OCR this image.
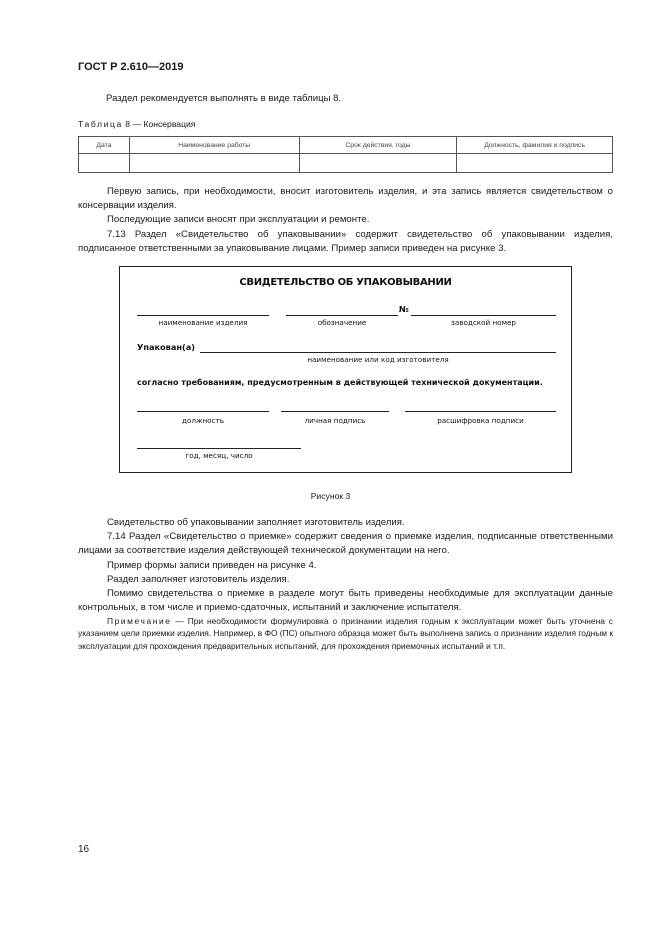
ГОСТ Р 2.610—2019

Раздел рекомендуется выполнять в виде таблицы 8.

Таблица 8 — Консервация
Дата	Наименование работы	Срок действия, годы	Должность, фамилия и подпись

Первую запись, при необходимости, вносит изготовитель изделия, и эта запись является свидетельством о консервации изделия.

Последующие записи вносят при эксплуатации и ремонте.

7.13 Раздел «Свидетельство об упаковывании» содержит свидетельство об упаковывании изделия, подписанное ответственными за упаковывание лицами. Пример записи приведен на рисунке 3.

СВИДЕТЕЛЬСТВО ОБ УПАКОВЫВАНИИ
№
наименование изделия	обозначение	заводской номер
Упакован(а)
наименование или код изготовителя
согласно требованиям, предусмотренным в действующей технической документации.
должность	личная подпись	расшифровка подписи
год, месяц, число
Рисунок 3

Свидетельство об упаковывании заполняет изготовитель изделия.

7.14 Раздел «Свидетельство о приемке» содержит сведения о приемке изделия, подписанные ответственными лицами за соответствие изделия действующей технической документации на него.

Пример формы записи приведен на рисунке 4.

Раздел заполняет изготовитель изделия.

Помимо свидетельства о приемке в разделе могут быть приведены необходимые для эксплуатации данные контрольных, в том числе и приемо-сдаточных, испытаний и заключение испытателя.

Примечание — При необходимости формулировка о признании изделия годным к эксплуатации может быть уточнена с указанием цели приемки изделия. Например, в ФО (ПС) опытного образца может быть выполнена запись о признании изделия годным к эксплуатации для прохождения предварительных испытаний, для прохождения приемочных испытаний и т.п.

16
